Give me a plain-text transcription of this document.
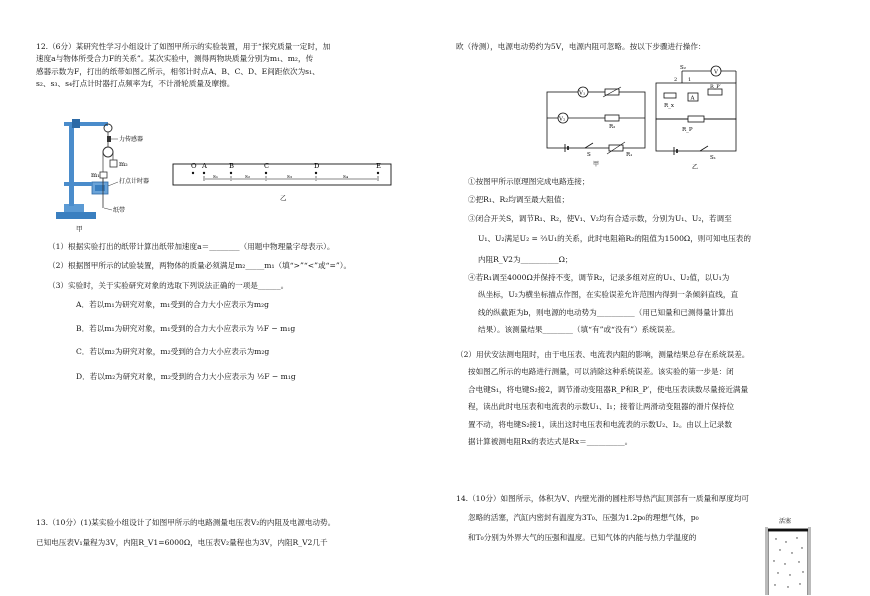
12.（6分）某研究性学习小组设计了如图甲所示的实验装置，用于“探究质量一定时，加

速度a与物体所受合力F的关系”。某次实验中，测得两物块质量分别为m₁、m₂，传

感器示数为F，打出的纸带如图乙所示，相邻计时点A、B、C、D、E间距依次为s₁、

s₂、s₃、s₄打点计时器打点频率为f，不计滑轮质量及摩擦。

力传感器
m₂
m₁
打点计时器
纸带
甲
O A	B	C	D	E
s₁	s₂	s₃	s₄
乙

（1）根据实验打出的纸带计算出纸带加速度a＝________（用题中物理量字母表示）。

（2）根据图甲所示的试验装置，两物体的质量必须满足m₂_____m₁（填“>”“<”或“=”）。

（3）实验时，关于实验研究对象的选取下列说法正确的一项是______。

A．若以m₁为研究对象，m₁受到的合力大小应表示为m₂g

B．若以m₁为研究对象，m₁受到的合力大小应表示为 ½F − m₁g

C．若以m₂为研究对象，m₂受到的合力大小应表示为m₂g

D．若以m₂为研究对象，m₂受到的合力大小应表示为 ½F − m₁g

13.（10分）(1)某实验小组设计了如图甲所示的电路测量电压表V₂的内阻及电源电动势。

已知电压表V₁量程为3V，内阻R_V1=6000Ω，电压表V₂量程也为3V，内阻R_V2几千

欧（待测），电源电动势约为5V，电源内阻可忽略。按以下步骤进行操作：

V₁
V₂
R₂
S	R₁
甲
V
S₂
1
2
A
R_x
R_P′
R_P
S₁
乙

①按图甲所示原理图完成电路连接；

②把R₁、R₂均调至最大阻值；

③闭合开关S，调节R₁、R₂，使V₁、V₂均有合适示数，分别为U₁、U₂，若调至

U₁、U₂满足U₂ = ⅔U₁的关系，此时电阻箱R₂的阻值为1500Ω，则可知电压表的

内阻R_V2为__________Ω；

④若R₁调至4000Ω并保持不变，调节R₂，记录多组对应的U₁、U₂值，以U₁为

纵坐标，U₂为横坐标描点作图，在实验误差允许范围内得到一条倾斜直线，直

线的纵截距为b，则电源的电动势为__________（用已知量和已测得量计算出

结果）。该测量结果________（填“有”或“没有”）系统误差。

（2）用伏安法测电阻时，由于电压表、电流表内阻的影响，测量结果总存在系统误差。

按如图乙所示的电路进行测量，可以消除这种系统误差。该实验的第一步是：闭

合电键S₁，将电键S₂接2，调节滑动变阻器R_P和R_P′，使电压表读数尽量接近满量

程，读出此时电压表和电流表的示数U₁、I₁；接着让两滑动变阻器的滑片保持位

置不动，将电键S₂接1，读出这时电压表和电流表的示数U₂、I₂。由以上记录数

据计算被测电阻Rx的表达式是Rx＝__________。

14.（10分）如图所示，体积为V、内壁光滑的圆柱形导热汽缸顶部有一质量和厚度均可

忽略的活塞，汽缸内密封有温度为3T₀、压强为1.2p₀的理想气体，p₀

和T₀分别为外界大气的压强和温度。已知气体的内能与热力学温度的

活塞
